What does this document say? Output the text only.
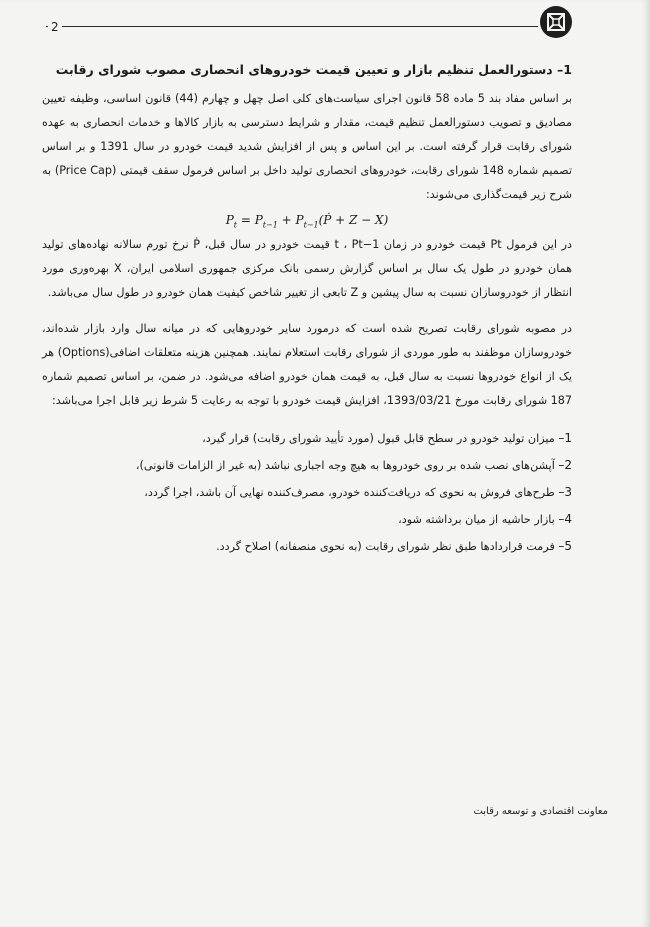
2
1– دستورالعمل تنظیم بازار و تعیین قیمت خودروهای انحصاری مصوب شورای رقابت

بر اساس مفاد بند 5 ماده 58 قانون اجرای سیاست‌های کلی اصل چهل و چهارم (44) قانون اساسی، وظیفه تعیین مصادیق و تصویب دستورالعمل تنظیم قیمت، مقدار و شرایط دسترسی به بازار کالاها و خدمات انحصاری به عهده شورای رقابت قرار گرفته است. بر این اساس و پس از افزایش شدید قیمت خودرو در سال 1391 و بر اساس تصمیم شماره 148 شورای رقابت، خودروهای انحصاری تولید داخل بر اساس فرمول سقف قیمتی (Price Cap) به شرح زیر قیمت‌گذاری می‌شوند:

$P_t = P_{t-1}$ + $P_{t-1}(Ṗ + Z - X)$

در این فرمول Pt قیمت خودرو در زمان t ، Pt−1 قیمت خودرو در سال قبل، Ṗ نرخ تورم سالانه نهاده‌های تولید همان خودرو در طول یک سال بر اساس گزارش رسمی بانک مرکزی جمهوری اسلامی ایران، X بهره‌وری مورد انتظار از خودروسازان نسبت به سال پیشین و Z تابعی از تغییر شاخص کیفیت همان خودرو در طول سال می‌باشد.

در مصوبه شورای رقابت تصریح شده است که درمورد سایر خودروهایی که در میانه سال وارد بازار شده‌اند، خودروسازان موظفند به طور موردی از شورای رقابت استعلام نمایند. همچنین هزینه متعلقات اضافی(Options) هر یک از انواع خودروها نسبت به سال قبل، به قیمت همان خودرو اضافه می‌شود. در ضمن، بر اساس تصمیم شماره 187 شورای رقابت مورخ 1393/03/21، افزایش قیمت خودرو با توجه به رعایت 5 شرط زیر قابل اجرا می‌باشد:

1– میزان تولید خودرو در سطح قابل قبول (مورد تأیید شورای رقابت) قرار گیرد،
2– آپشن‌های نصب شده بر روی خودروها به هیچ وجه اجباری نباشد (به غیر از الزامات قانونی)،
3– طرح‌های فروش به نحوی که دریافت‌کننده خودرو، مصرف‌کننده نهایی آن باشد، اجرا گردد،
4– بازار حاشیه از میان برداشته شود،
5– فرمت قراردادها طبق نظر شورای رقابت (به نحوی منصفانه) اصلاح گردد.
معاونت اقتصادی و توسعه رقابت
